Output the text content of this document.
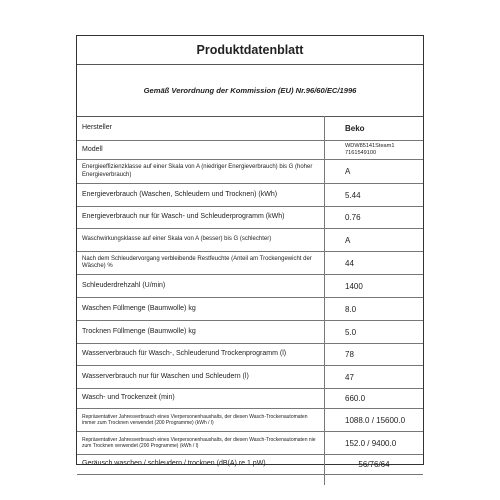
Produktdatenblatt
Gemäß Verordnung der Kommission (EU) Nr.96/60/EC/1996
Hersteller	Beko
Modell	WDW85141Steam1
7161549100
Energieeffizienzklasse auf einer Skala von A (niedriger Energieverbrauch) bis G (hoher Energieverbrauch)	A
Energieverbrauch (Waschen, Schleudern und Trocknen) (kWh)	5.44
Energieverbrauch nur für Wasch- und Schleuderprogramm (kWh)	0.76
Waschwirkungsklasse auf einer Skala von A (besser) bis G (schlechter)	A
Nach dem Schleudervorgang verbleibende Restfeuchte (Anteil am Trockengewicht der Wäsche) %	44
Schleuderdrehzahl (U/min)	1400
Waschen Füllmenge (Baumwolle) kg	8.0
Trocknen Füllmenge (Baumwolle) kg	5.0
Wasserverbrauch für Wasch-, Schleuderund Trockenprogramm (l)	78
Wasserverbrauch nur für Waschen und Schleudern (l)	47
Wasch- und Trockenzeit (min)	660.0
Repräsentativer Jahresverbrauch eines Vierpersonenhaushalts, der diesen Wasch-Trockenautomaten immer zum Trocknen verwendet (200 Programme) (kWh / l)	1088.0 / 15600.0
Repräsentativer Jahresverbrauch eines Vierpersonenhaushalts, der diesen Wasch-Trockenautomaten nie zum Trocknen verwendet (200 Programme) (kWh / l)	152.0 / 9400.0
Geräusch waschen / schleudern / trocknen (dB(A) re 1 pW)	56/76/64
